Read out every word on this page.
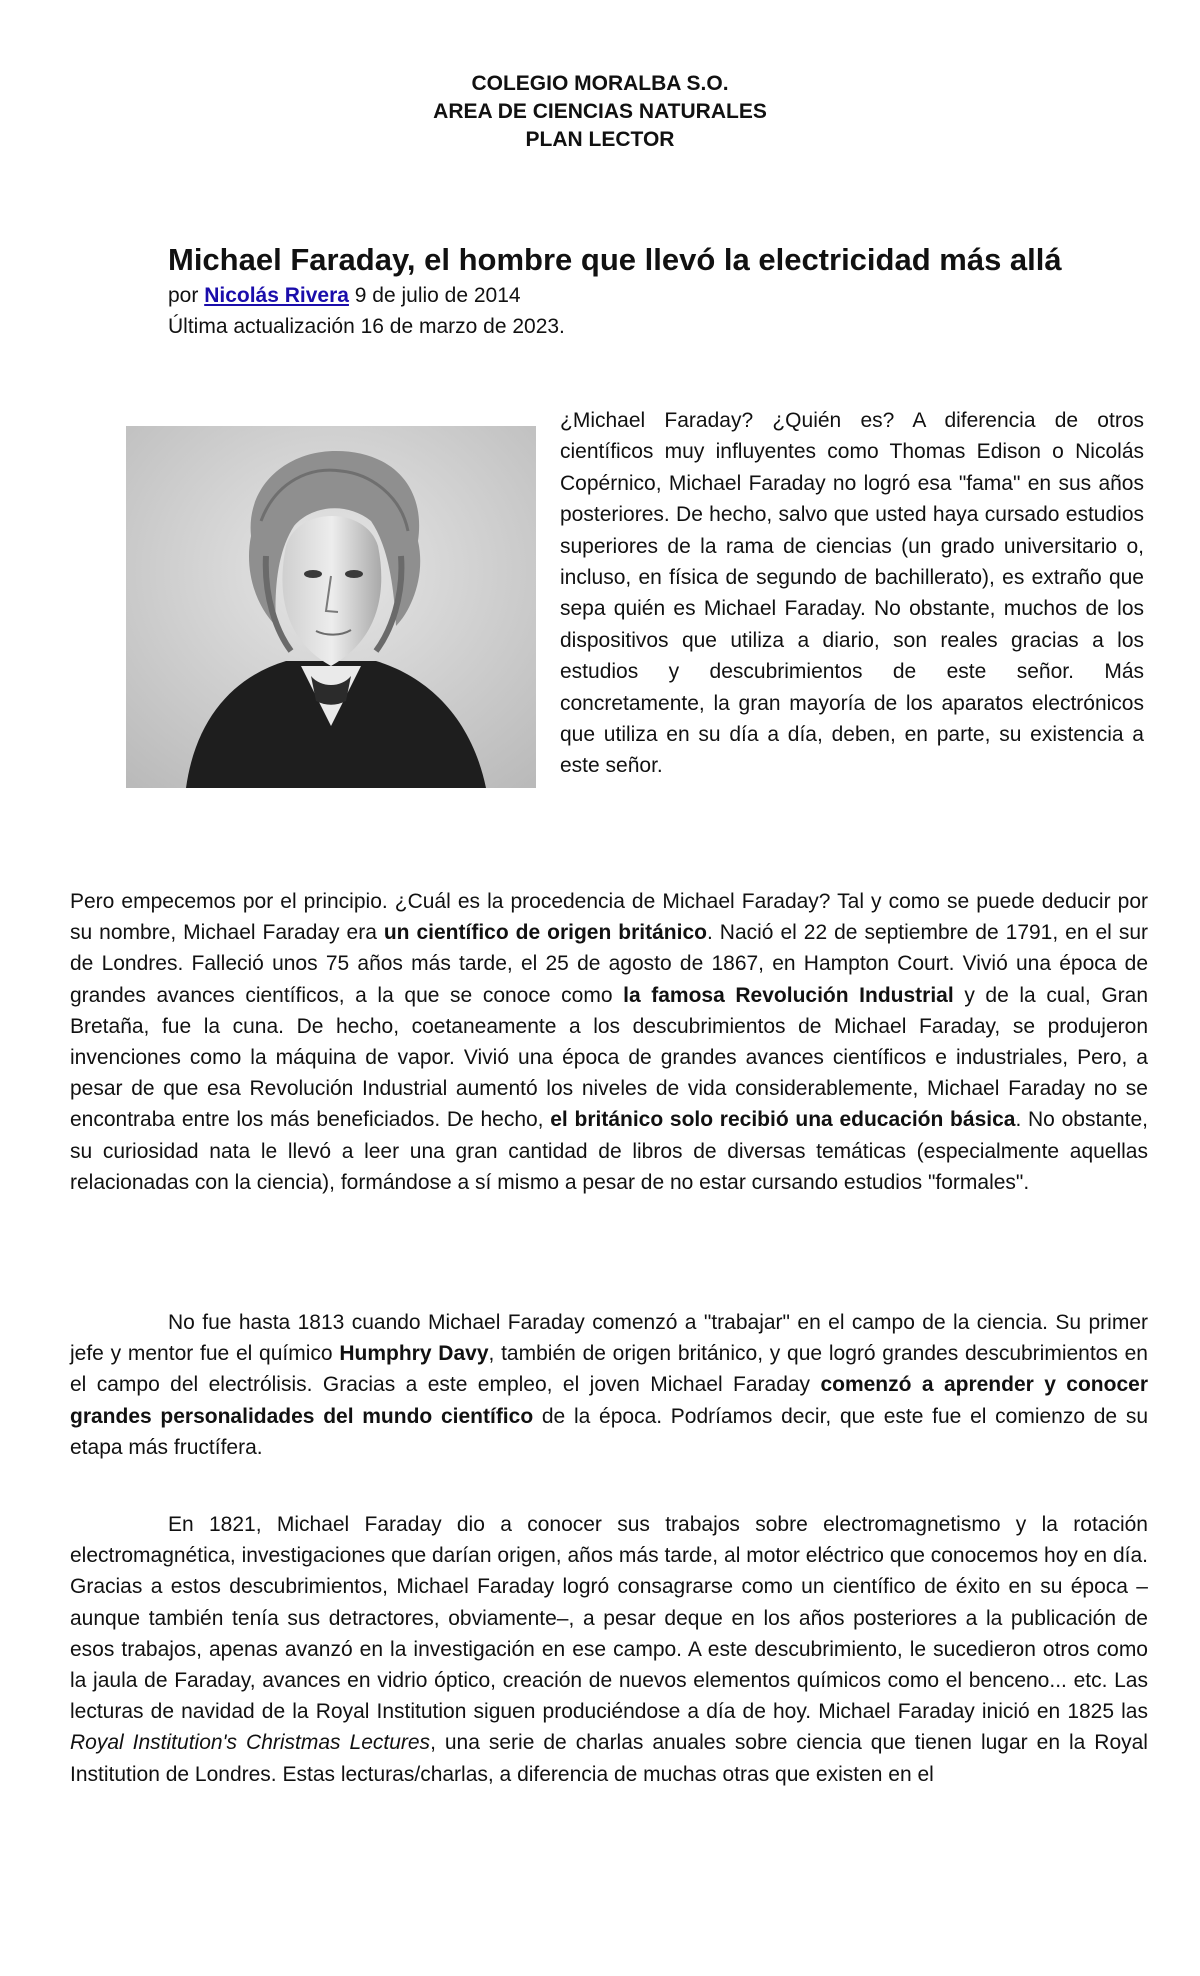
COLEGIO MORALBA S.O.
AREA DE CIENCIAS NATURALES
PLAN LECTOR
Michael Faraday, el hombre que llevó la electricidad más allá

por Nicolás Rivera 9 de julio de 2014

Última actualización 16 de marzo de 2023.

¿Michael Faraday? ¿Quién es? A diferencia de otros científicos muy influyentes como Thomas Edison o Nicolás Copérnico, Michael Faraday no logró esa "fama" en sus años posteriores. De hecho, salvo que usted haya cursado estudios superiores de la rama de ciencias (un grado universitario o, incluso, en física de segundo de bachillerato), es extraño que sepa quién es Michael Faraday. No obstante, muchos de los dispositivos que utiliza a diario, son reales gracias a los estudios y descubrimientos de este señor. Más concretamente, la gran mayoría de los aparatos electrónicos que utiliza en su día a día, deben, en parte, su existencia a este señor.

Pero empecemos por el principio. ¿Cuál es la procedencia de Michael Faraday? Tal y como se puede deducir por su nombre, Michael Faraday era un científico de origen británico. Nació el 22 de septiembre de 1791, en el sur de Londres. Falleció unos 75 años más tarde, el 25 de agosto de 1867, en Hampton Court. Vivió una época de grandes avances científicos, a la que se conoce como la famosa Revolución Industrial y de la cual, Gran Bretaña, fue la cuna. De hecho, coetaneamente a los descubrimientos de Michael Faraday, se produjeron invenciones como la máquina de vapor. Vivió una época de grandes avances científicos e industriales, Pero, a pesar de que esa Revolución Industrial aumentó los niveles de vida considerablemente, Michael Faraday no se encontraba entre los más beneficiados. De hecho, el británico solo recibió una educación básica. No obstante, su curiosidad nata le llevó a leer una gran cantidad de libros de diversas temáticas (especialmente aquellas relacionadas con la ciencia), formándose a sí mismo a pesar de no estar cursando estudios "formales".

No fue hasta 1813 cuando Michael Faraday comenzó a "trabajar" en el campo de la ciencia. Su primer jefe y mentor fue el químico Humphry Davy, también de origen británico, y que logró grandes descubrimientos en el campo del electrólisis. Gracias a este empleo, el joven Michael Faraday comenzó a aprender y conocer grandes personalidades del mundo científico de la época. Podríamos decir, que este fue el comienzo de su etapa más fructífera.

En 1821, Michael Faraday dio a conocer sus trabajos sobre electromagnetismo y la rotación electromagnética, investigaciones que darían origen, años más tarde, al motor eléctrico que conocemos hoy en día. Gracias a estos descubrimientos, Michael Faraday logró consagrarse como un científico de éxito en su época –aunque también tenía sus detractores, obviamente–, a pesar deque en los años posteriores a la publicación de esos trabajos, apenas avanzó en la investigación en ese campo. A este descubrimiento, le sucedieron otros como la jaula de Faraday, avances en vidrio óptico, creación de nuevos elementos químicos como el benceno... etc. Las lecturas de navidad de la Royal Institution siguen produciéndose a día de hoy. Michael Faraday inició en 1825 las Royal Institution's Christmas Lectures, una serie de charlas anuales sobre ciencia que tienen lugar en la Royal Institution de Londres. Estas lecturas/charlas, a diferencia de muchas otras que existen en el
